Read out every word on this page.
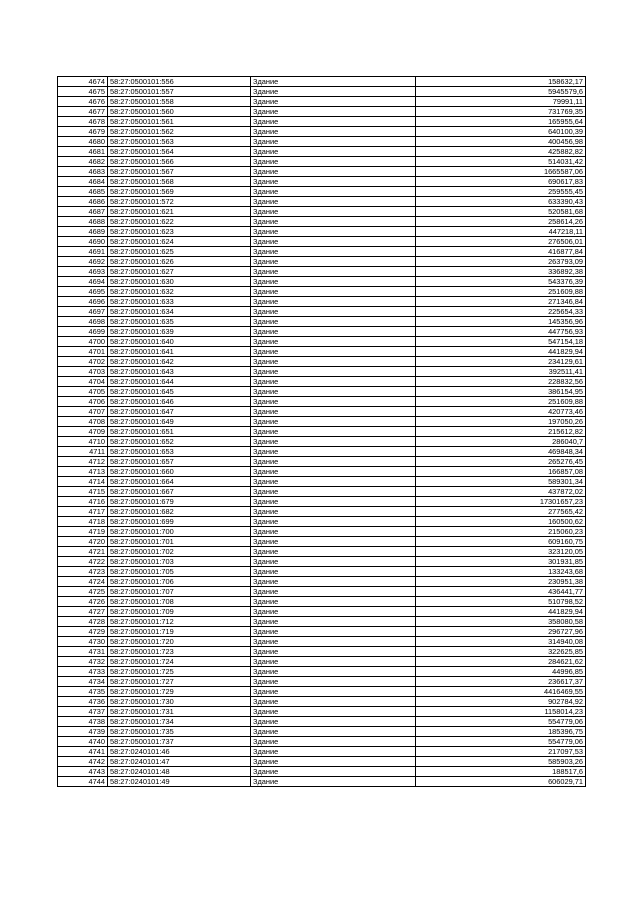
4674	58:27:0500101:556	Здание	158632,17
4675	58:27:0500101:557	Здание	5945579,6
4676	58:27:0500101:558	Здание	79991,11
4677	58:27:0500101:560	Здание	731769,35
4678	58:27:0500101:561	Здание	165955,64
4679	58:27:0500101:562	Здание	640100,39
4680	58:27:0500101:563	Здание	400456,98
4681	58:27:0500101:564	Здание	425882,82
4682	58:27:0500101:566	Здание	514031,42
4683	58:27:0500101:567	Здание	1665587,06
4684	58:27:0500101:568	Здание	690617,83
4685	58:27:0500101:569	Здание	259555,45
4686	58:27:0500101:572	Здание	633390,43
4687	58:27:0500101:621	Здание	520581,68
4688	58:27:0500101:622	Здание	258614,26
4689	58:27:0500101:623	Здание	447218,11
4690	58:27:0500101:624	Здание	276506,01
4691	58:27:0500101:625	Здание	416877,84
4692	58:27:0500101:626	Здание	263793,09
4693	58:27:0500101:627	Здание	336892,38
4694	58:27:0500101:630	Здание	543376,39
4695	58:27:0500101:632	Здание	251609,88
4696	58:27:0500101:633	Здание	271346,84
4697	58:27:0500101:634	Здание	225654,33
4698	58:27:0500101:635	Здание	145356,96
4699	58:27:0500101:639	Здание	447756,93
4700	58:27:0500101:640	Здание	547154,18
4701	58:27:0500101:641	Здание	441829,94
4702	58:27:0500101:642	Здание	234129,61
4703	58:27:0500101:643	Здание	392511,41
4704	58:27:0500101:644	Здание	228832,56
4705	58:27:0500101:645	Здание	386154,95
4706	58:27:0500101:646	Здание	251609,88
4707	58:27:0500101:647	Здание	420773,46
4708	58:27:0500101:649	Здание	197050,26
4709	58:27:0500101:651	Здание	215612,82
4710	58:27:0500101:652	Здание	286040,7
4711	58:27:0500101:653	Здание	469848,34
4712	58:27:0500101:657	Здание	265276,45
4713	58:27:0500101:660	Здание	166857,08
4714	58:27:0500101:664	Здание	589301,34
4715	58:27:0500101:667	Здание	437872,02
4716	58:27:0500101:679	Здание	17301657,23
4717	58:27:0500101:682	Здание	277565,42
4718	58:27:0500101:699	Здание	160500,62
4719	58:27:0500101:700	Здание	215060,23
4720	58:27:0500101:701	Здание	609160,75
4721	58:27:0500101:702	Здание	323120,05
4722	58:27:0500101:703	Здание	301931,85
4723	58:27:0500101:705	Здание	133243,68
4724	58:27:0500101:706	Здание	230951,38
4725	58:27:0500101:707	Здание	436441,77
4726	58:27:0500101:708	Здание	510798,52
4727	58:27:0500101:709	Здание	441829,94
4728	58:27:0500101:712	Здание	358080,58
4729	58:27:0500101:719	Здание	296727,96
4730	58:27:0500101:720	Здание	314940,08
4731	58:27:0500101:723	Здание	322625,85
4732	58:27:0500101:724	Здание	284621,62
4733	58:27:0500101:725	Здание	44996,85
4734	58:27:0500101:727	Здание	236617,37
4735	58:27:0500101:729	Здание	4416469,55
4736	58:27:0500101:730	Здание	902784,92
4737	58:27:0500101:731	Здание	1158014,23
4738	58:27:0500101:734	Здание	554779,06
4739	58:27:0500101:735	Здание	185396,75
4740	58:27:0500101:737	Здание	554779,06
4741	58:27:0240101:46	Здание	217097,53
4742	58:27:0240101:47	Здание	585903,26
4743	58:27:0240101:48	Здание	188517,6
4744	58:27:0240101:49	Здание	606029,71
